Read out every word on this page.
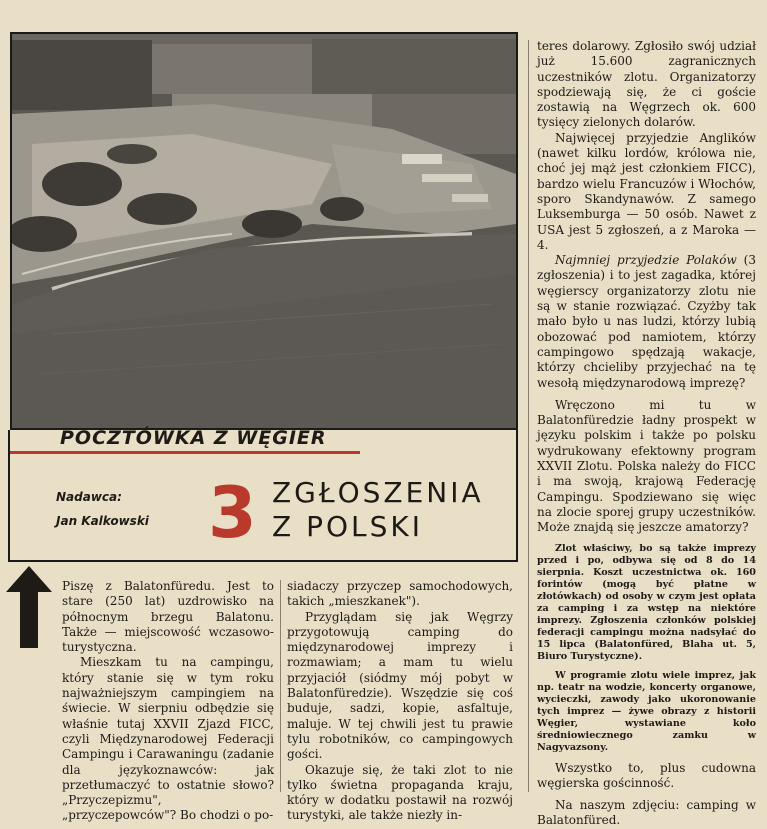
POCZTÓWKA Z WĘGIER

Nadawca:

Jan Kalkowski 3 ZGŁOSZENIA
Z POLSKI

Piszę z Balatonfüredu. Jest to stare (250 lat) uzdrowisko na północnym brzegu Balatonu. Także — miejscowość wczasowo-turystyczna.

Mieszkam tu na campingu, który stanie się w tym roku najważniejszym campingiem na świecie. W sierpniu odbędzie się właśnie tutaj XXVII Zjazd FICC, czyli Międzynarodowej Federacji Campingu i Carawaningu (zadanie dla językoznawców: jak przetłumaczyć to ostatnie słowo? „Przyczepizmu", „przyczepowców"? Bo chodzi o po-

siadaczy przyczep samochodowych, takich „mieszkanek").

Przyglądam się jak Węgrzy przygotowują camping do międzynarodowej imprezy i rozmawiam; a mam tu wielu przyjaciół (siódmy mój pobyt w Balatonfüredzie). Wszędzie się coś buduje, sadzi, kopie, asfaltuje, maluje. W tej chwili jest tu prawie tylu robotników, co campingowych gości.

Okazuje się, że taki zlot to nie tylko świetna propaganda kraju, który w dodatku postawił na rozwój turystyki, ale także niezły in-

teres dolarowy. Zgłosiło swój udział już 15.600 zagranicznych uczestników zlotu. Organizatorzy spodziewają się, że ci goście zostawią na Węgrzech ok. 600 tysięcy zielonych dolarów.

Najwięcej przyjedzie Anglików (nawet kilku lordów, królowa nie, choć jej mąż jest członkiem FICC), bardzo wielu Francuzów i Włochów, sporo Skandynawów. Z samego Luksemburga — 50 osób. Nawet z USA jest 5 zgłoszeń, a z Maroka — 4.

Najmniej przyjedzie Polaków (3 zgłoszenia) i to jest zagadka, której węgierscy organizatorzy zlotu nie są w stanie rozwiązać. Czyżby tak mało było u nas ludzi, którzy lubią obozować pod namiotem, którzy campingowo spędzają wakacje, którzy chcieliby przyjechać na tę wesołą międzynarodową imprezę?

Wręczono mi tu w Balatonfüredzie ładny prospekt w języku polskim i także po polsku wydrukowany efektowny program XXVII Zlotu. Polska należy do FICC i ma swoją, krajową Federację Campingu. Spodziewano się więc na zlocie sporej grupy uczestników. Może znajdą się jeszcze amatorzy?

Zlot właściwy, bo są także imprezy przed i po, odbywa się od 8 do 14 sierpnia. Koszt uczestnictwa ok. 160 forintów (mogą być płatne w złotówkach) od osoby w czym jest opłata za camping i za wstęp na niektóre imprezy. Zgłoszenia członków polskiej federacji campingu można nadsyłać do 15 lipca (Balatonfüred, Blaha ut. 5, Biuro Turystyczne).

W programie zlotu wiele imprez, jak np. teatr na wodzie, koncerty organowe, wycieczki, zawody jako ukoronowanie tych imprez — żywe obrazy z historii Węgier, wystawiane koło średniowiecznego zamku w Nagyvazsony.

Wszystko to, plus cudowna węgierska gościnność.

Na naszym zdjęciu: camping w Balatonfüred.
